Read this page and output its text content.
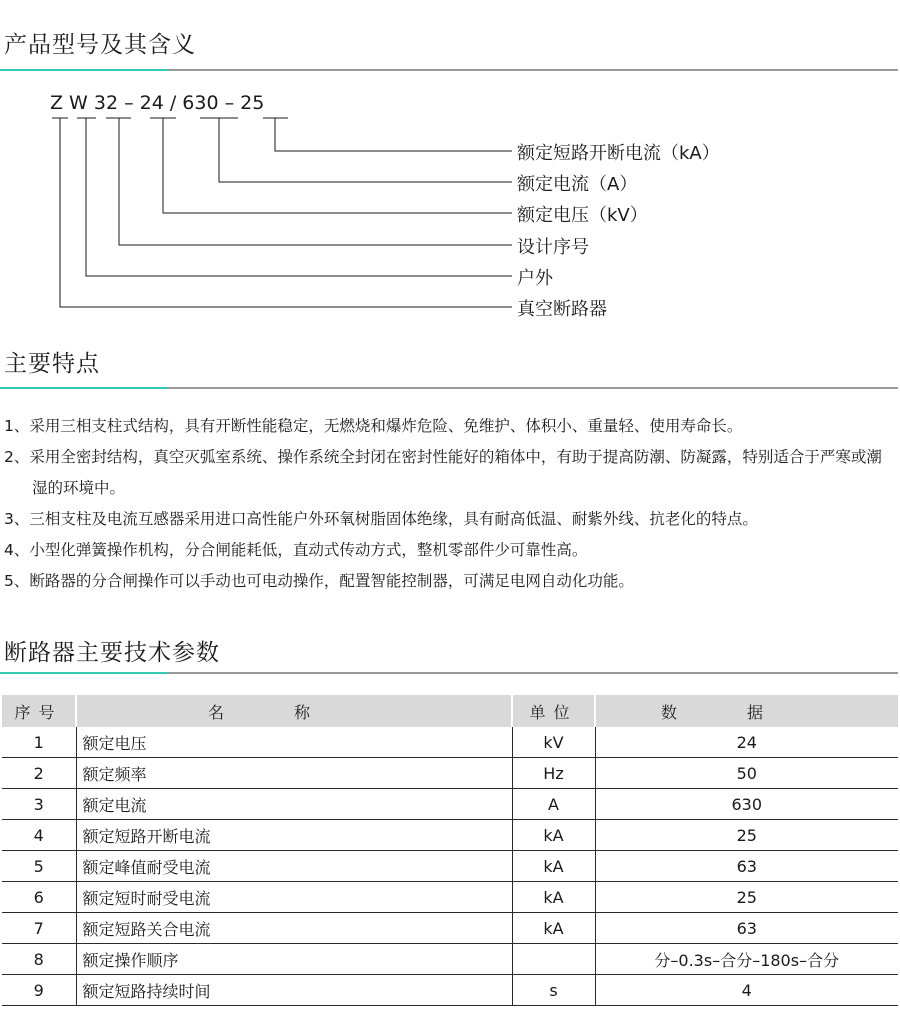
产品型号及其含义
Z W 32 – 24 / 630 – 25
额定短路开断电流（kA）
额定电流（A）
额定电压（kV）
设计序号
户外
真空断路器
主要特点

1、采用三相支柱式结构，具有开断性能稳定，无燃烧和爆炸危险、免维护、体积小、重量轻、使用寿命长。

2、采用全密封结构，真空灭弧室系统、操作系统全封闭在密封性能好的箱体中，有助于提高防潮、防凝露，特别适合于严寒或潮湿的环境中。

3、三相支柱及电流互感器采用进口高性能户外环氧树脂固体绝缘，具有耐高低温、耐紫外线、抗老化的特点。

4、小型化弹簧操作机构，分合闸能耗低，直动式传动方式，整机零部件少可靠性高。

5、断路器的分合闸操作可以手动也可电动操作，配置智能控制器，可满足电网自动化功能。

断路器主要技术参数
序号	名称	单位	数据
1	额定电压	kV	24
2	额定频率	Hz	50
3	额定电流	A	630
4	额定短路开断电流	kA	25
5	额定峰值耐受电流	kA	63
6	额定短时耐受电流	kA	25
7	额定短路关合电流	kA	63
8	额定操作顺序		分–0.3s–合分–180s–合分
9	额定短路持续时间	s	4
